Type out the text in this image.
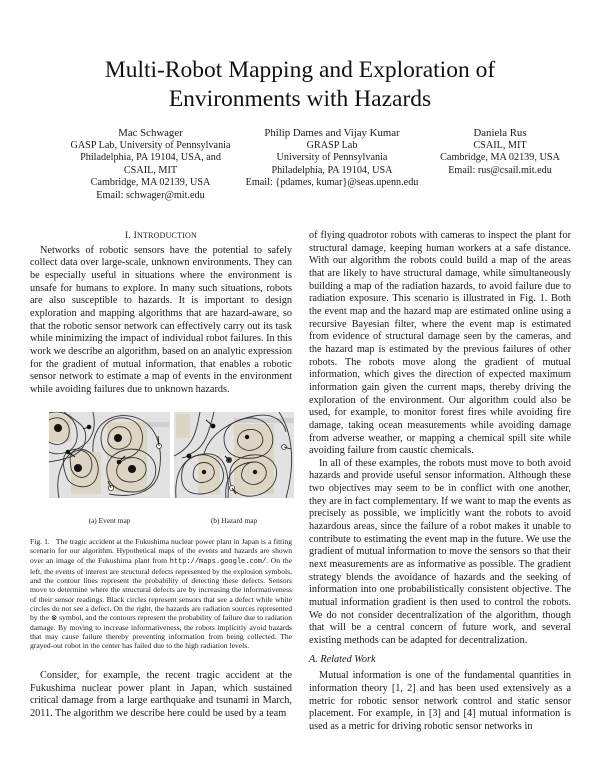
Multi-Robot Mapping and Exploration of
Environments with Hazards
Mac Schwager
GASP Lab, University of Pennsylvania
Philadelphia, PA 19104, USA, and
CSAIL, MIT
Cambridge, MA 02139, USA
Email: schwager@mit.edu
Philip Dames and Vijay Kumar
GRASP Lab
University of Pennsylvania
Philadelphia, PA 19104, USA
Email: {pdames, kumar}@seas.upenn.edu
Daniela Rus
CSAIL, MIT
Cambridge, MA 02139, USA
Email: rus@csail.mit.edu
I. INTRODUCTION

Networks of robotic sensors have the potential to safely collect data over large-scale, unknown environments. They can be especially useful in situations where the environment is unsafe for humans to explore. In many such situations, robots are also susceptible to hazards. It is important to design exploration and mapping algorithms that are hazard-aware, so that the robotic sensor network can effectively carry out its task while minimizing the impact of individual robot failures. In this work we describe an algorithm, based on an analytic expression for the gradient of mutual information, that enables a robotic sensor network to estimate a map of events in the environment while avoiding failures due to unknown hazards.

(a) Event map	(b) Hazard map
Fig. 1. The tragic accident at the Fukushima nuclear power plant in Japan is a fitting scenario for our algorithm. Hypothetical maps of the events and hazards are shown over an image of the Fukushima plant from http://maps.google.com/. On the left, the events of interest are structural defects represented by the explosion symbols, and the contour lines represent the probability of detecting these defects. Sensors move to determine where the structural defects are by increasing the informativeness of their sensor readings. Black circles represent sensors that see a defect while white circles do not see a defect. On the right, the hazards are radiation sources represented by the ⊗ symbol, and the contours represent the probability of failure due to radiation damage. By moving to increase informativeness, the robots implicitly avoid hazards that may cause failure thereby preventing information from being collected. The grayed-out robot in the center has failed due to the high radiation levels.

Consider, for example, the recent tragic accident at the Fukushima nuclear power plant in Japan, which sustained critical damage from a large earthquake and tsunami in March, 2011. The algorithm we describe here could be used by a team

of flying quadrotor robots with cameras to inspect the plant for structural damage, keeping human workers at a safe distance. With our algorithm the robots could build a map of the areas that are likely to have structural damage, while simultaneously building a map of the radiation hazards, to avoid failure due to radiation exposure. This scenario is illustrated in Fig. 1. Both the event map and the hazard map are estimated online using a recursive Bayesian filter, where the event map is estimated from evidence of structural damage seen by the cameras, and the hazard map is estimated by the previous failures of other robots. The robots move along the gradient of mutual information, which gives the direction of expected maximum information gain given the current maps, thereby driving the exploration of the environment. Our algorithm could also be used, for example, to monitor forest fires while avoiding fire damage, taking ocean measurements while avoiding damage from adverse weather, or mapping a chemical spill site while avoiding failure from caustic chemicals.

In all of these examples, the robots must move to both avoid hazards and provide useful sensor information. Although these two objectives may seem to be in conflict with one another, they are in fact complementary. If we want to map the events as precisely as possible, we implicitly want the robots to avoid hazardous areas, since the failure of a robot makes it unable to contribute to estimating the event map in the future. We use the gradient of mutual information to move the sensors so that their next measurements are as informative as possible. The gradient strategy blends the avoidance of hazards and the seeking of information into one probabilistically consistent objective. The mutual information gradient is then used to control the robots. We do not consider decentralization of the algorithm, though that will be a central concern of future work, and several existing methods can be adapted for decentralization.

A. Related Work

Mutual information is one of the fundamental quantities in information theory [1, 2] and has been used extensively as a metric for robotic sensor network control and static sensor placement. For example, in [3] and [4] mutual information is used as a metric for driving robotic sensor networks in
